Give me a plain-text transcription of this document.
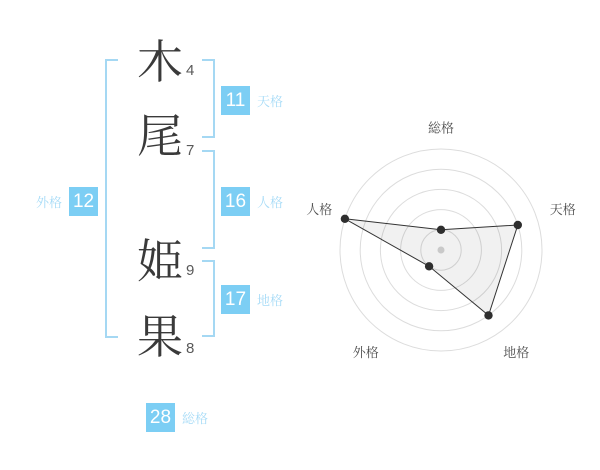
木
尾
姫
果
4
7
9
8
11 天格
16 人格
17 地格
外格 12
28 総格
総格
天格
地格
外格
人格
